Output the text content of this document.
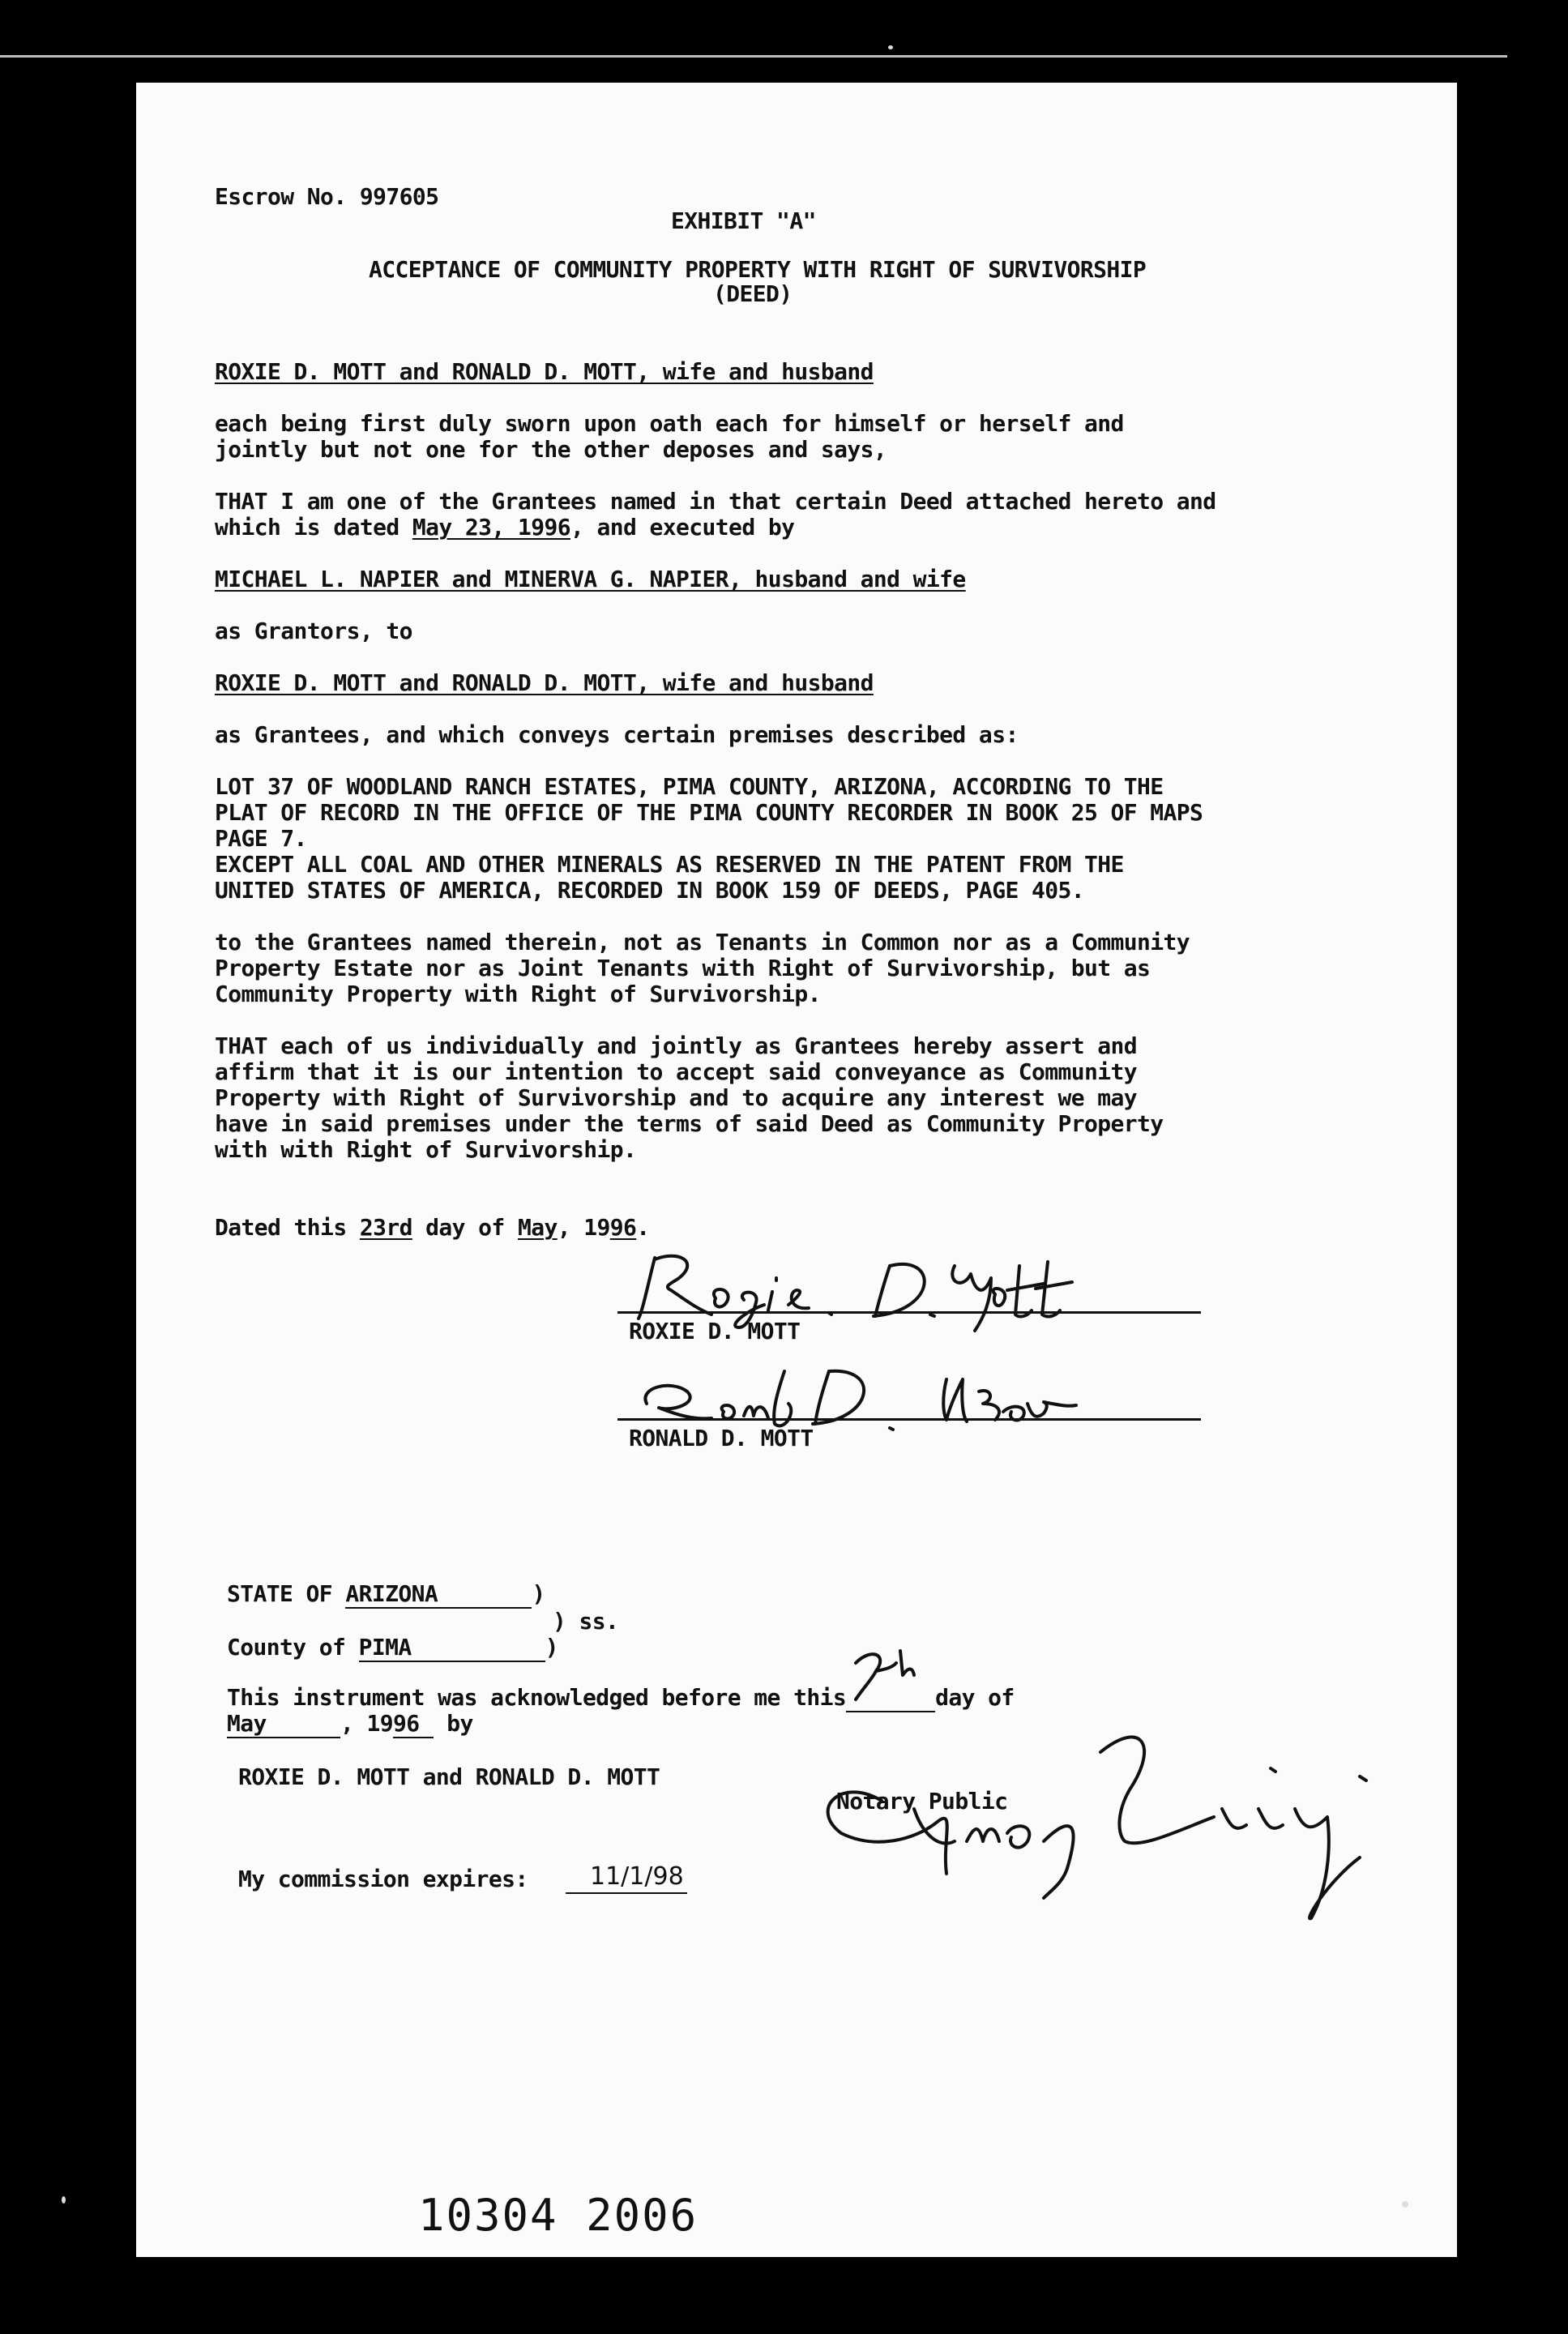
Escrow No. 997605
EXHIBIT "A"
ACCEPTANCE OF COMMUNITY PROPERTY WITH RIGHT OF SURVIVORSHIP
(DEED)
ROXIE D. MOTT and RONALD D. MOTT, wife and husband
each being first duly sworn upon oath each for himself or herself and
jointly but not one for the other deposes and says,
THAT I am one of the Grantees named in that certain Deed attached hereto and
which is dated May 23, 1996, and executed by
MICHAEL L. NAPIER and MINERVA G. NAPIER, husband and wife
as Grantors, to
ROXIE D. MOTT and RONALD D. MOTT, wife and husband
as Grantees, and which conveys certain premises described as:
LOT 37 OF WOODLAND RANCH ESTATES, PIMA COUNTY, ARIZONA, ACCORDING TO THE
PLAT OF RECORD IN THE OFFICE OF THE PIMA COUNTY RECORDER IN BOOK 25 OF MAPS
PAGE 7.
EXCEPT ALL COAL AND OTHER MINERALS AS RESERVED IN THE PATENT FROM THE
UNITED STATES OF AMERICA, RECORDED IN BOOK 159 OF DEEDS, PAGE 405.
to the Grantees named therein, not as Tenants in Common nor as a Community
Property Estate nor as Joint Tenants with Right of Survivorship, but as
Community Property with Right of Survivorship.
THAT each of us individually and jointly as Grantees hereby assert and
affirm that it is our intention to accept said conveyance as Community
Property with Right of Survivorship and to acquire any interest we may
have in said premises under the terms of said Deed as Community Property
with with Right of Survivorship.
Dated this 23rd day of May, 1996.
ROXIE D. MOTT
RONALD D. MOTT
STATE OF ARIZONA	)
) ss.
County of PIMA	)
This instrument was acknowledged before me this	day of
May	, 1996 by
ROXIE D. MOTT and RONALD D. MOTT
Notary Public
My commission expires:	11/1/98
10304 2006
